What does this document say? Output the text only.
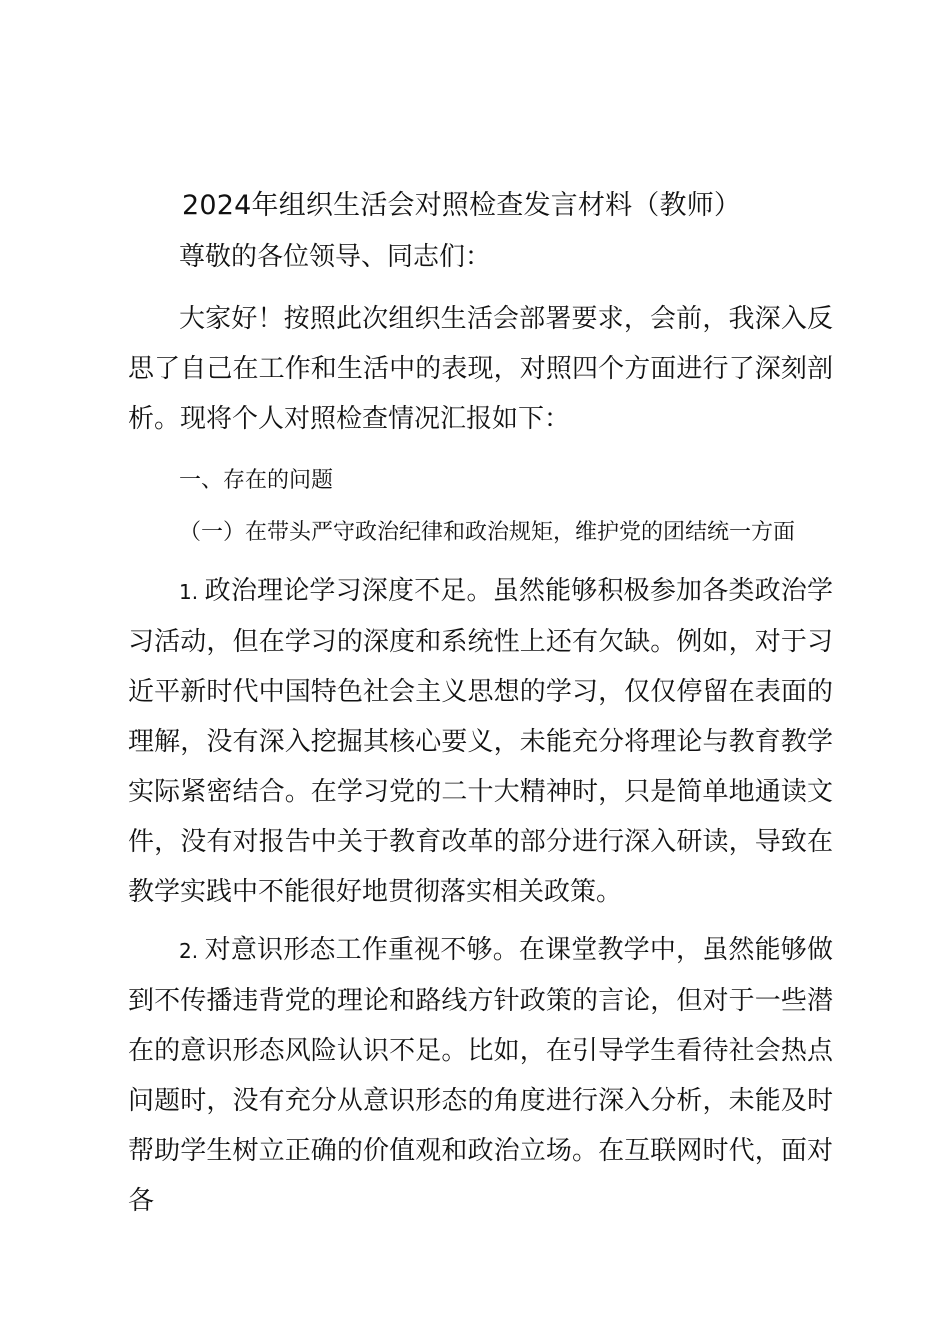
2024年组织生活会对照检查发言材料（教师）

尊敬的各位领导、同志们：

大家好！按照此次组织生活会部署要求，会前，我深入反思了自己在工作和生活中的表现，对照四个方面进行了深刻剖析。现将个人对照检查情况汇报如下：

一、存在的问题

（一）在带头严守政治纪律和政治规矩，维护党的团结统一方面

1. 政治理论学习深度不足。虽然能够积极参加各类政治学习活动，但在学习的深度和系统性上还有欠缺。例如，对于习近平新时代中国特色社会主义思想的学习，仅仅停留在表面的理解，没有深入挖掘其核心要义，未能充分将理论与教育教学实际紧密结合。在学习党的二十大精神时，只是简单地通读文件，没有对报告中关于教育改革的部分进行深入研读，导致在教学实践中不能很好地贯彻落实相关政策。

2. 对意识形态工作重视不够。在课堂教学中，虽然能够做到不传播违背党的理论和路线方针政策的言论，但对于一些潜在的意识形态风险认识不足。比如，在引导学生看待社会热点问题时，没有充分从意识形态的角度进行深入分析，未能及时帮助学生树立正确的价值观和政治立场。在互联网时代，面对各
